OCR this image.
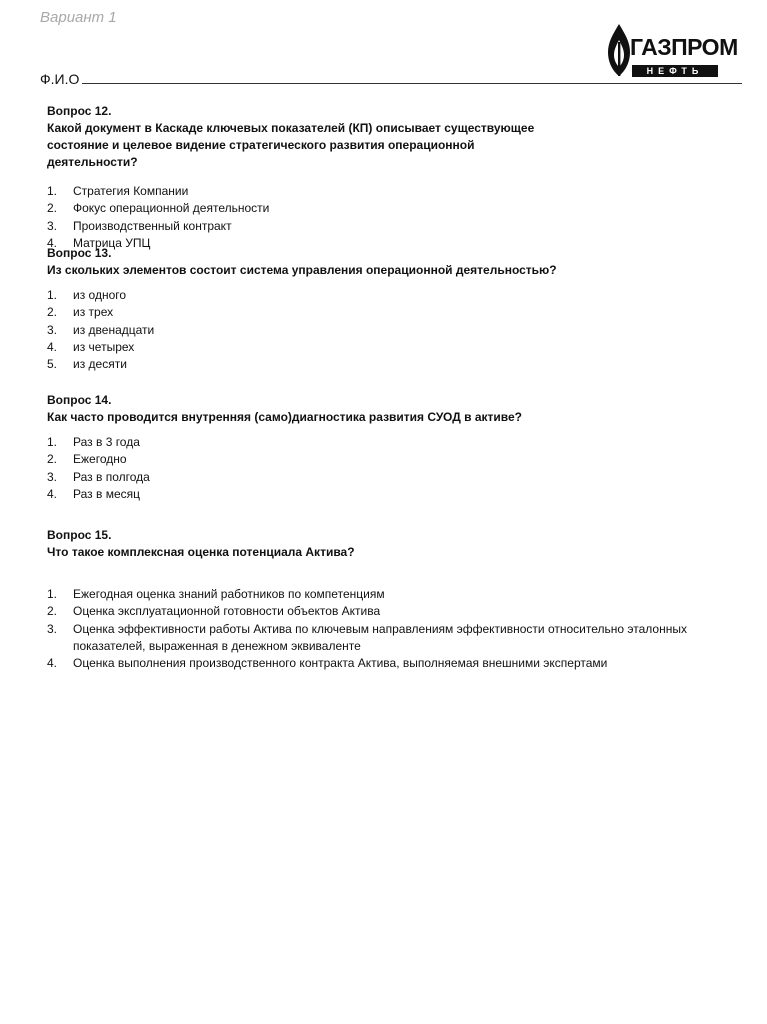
Вариант 1
ГАЗПРОМ
НЕФТЬ
Ф.И.О

Вопрос 12.

Какой документ в Каскаде ключевых показателей (КП) описывает существующее состояние и целевое видение стратегического развития операционной деятельности?

1. Стратегия Компании
2. Фокус операционной деятельности
3. Производственный контракт
4. Матрица УПЦ

Вопрос 13.

Из скольких элементов состоит система управления операционной деятельностью?

1. из одного
2. из трех
3. из двенадцати
4. из четырех
5. из десяти

Вопрос 14.

Как часто проводится внутренняя (само)диагностика развития СУОД в активе?

1. Раз в 3 года
2. Ежегодно
3. Раз в полгода
4. Раз в месяц

Вопрос 15.

Что такое комплексная оценка потенциала Актива?

1. Ежегодная оценка знаний работников по компетенциям
2. Оценка эксплуатационной готовности объектов Актива
3. Оценка эффективности работы Актива по ключевым направлениям эффективности относительно эталонных показателей, выраженная в денежном эквиваленте
4. Оценка выполнения производственного контракта Актива, выполняемая внешними экспертами
